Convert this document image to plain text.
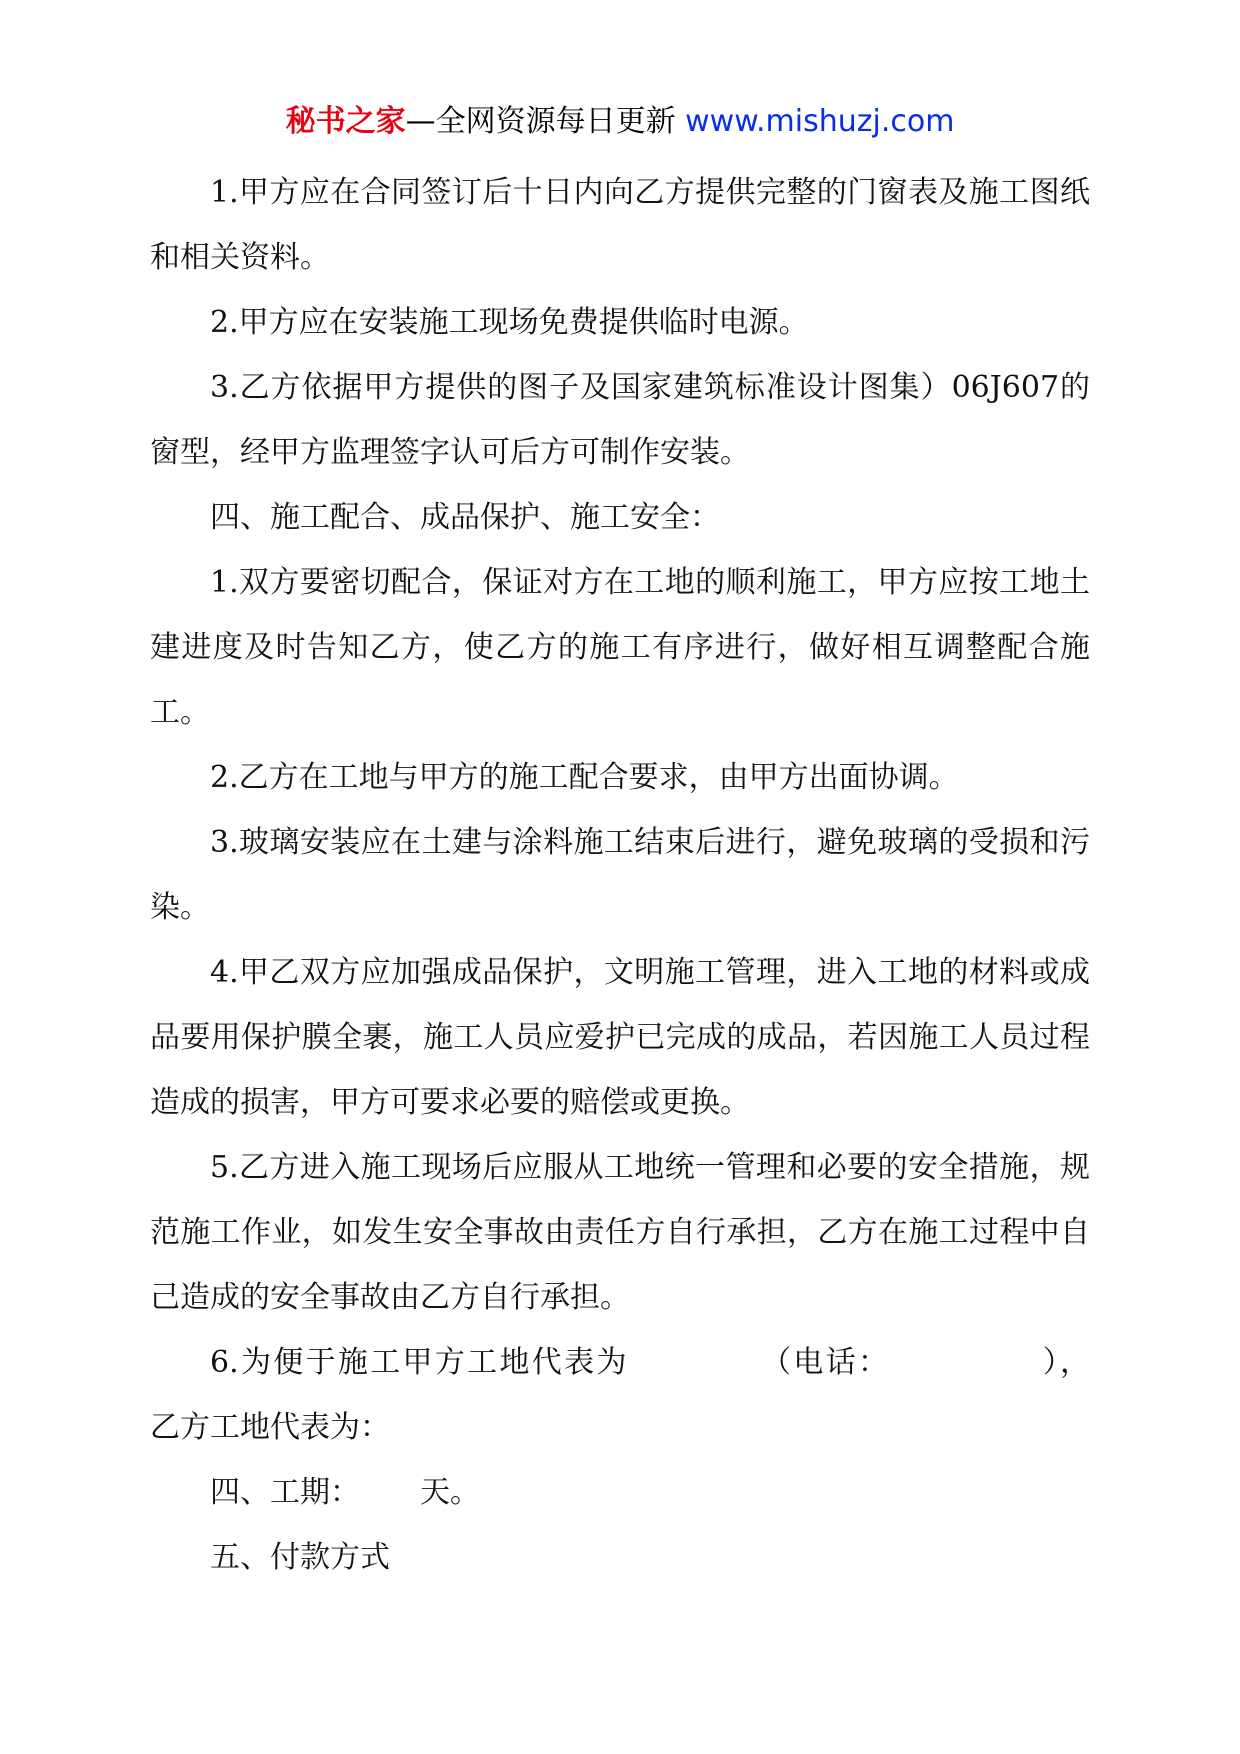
秘书之家—全网资源每日更新 www.mishuzj.com

1.甲方应在合同签订后十日内向乙方提供完整的门窗表及施工图纸和相关资料。

2.甲方应在安装施工现场免费提供临时电源。

3.乙方依据甲方提供的图子及国家建筑标准设计图集）06J607的窗型，经甲方监理签字认可后方可制作安装。

四、施工配合、成品保护、施工安全：

1.双方要密切配合，保证对方在工地的顺利施工，甲方应按工地土建进度及时告知乙方，使乙方的施工有序进行，做好相互调整配合施工。

2.乙方在工地与甲方的施工配合要求，由甲方出面协调。

3.玻璃安装应在土建与涂料施工结束后进行，避免玻璃的受损和污染。

4.甲乙双方应加强成品保护，文明施工管理，进入工地的材料或成品要用保护膜全裹，施工人员应爱护已完成的成品，若因施工人员过程造成的损害，甲方可要求必要的赔偿或更换。

5.乙方进入施工现场后应服从工地统一管理和必要的安全措施，规范施工作业，如发生安全事故由责任方自行承担，乙方在施工过程中自己造成的安全事故由乙方自行承担。

6.为便于施工甲方工地代表为	（电话：	），

乙方工地代表为：

四、工期： 天。

五、付款方式
